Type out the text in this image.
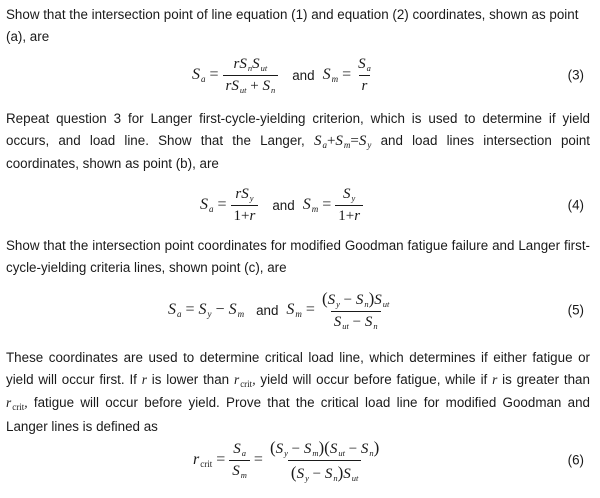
Show that the intersection point of line equation (1) and equation (2) coordinates, shown as point (a), are

$Sa = \frac{rS_nS_{ut}}{rS_{ut} + S_n}$ and $Sm = \frac{S_a}{r}$	(3)

Repeat question 3 for Langer first-cycle-yielding criterion, which is used to determine if yield occurs, and load line. Show that the Langer, $S_a+S_m=S_y$ and load lines intersection point coordinates, shown as point (b), are

$Sa = \frac{rS_y}{1+r}$ and $Sm = \frac{S_y}{1+r}$	(4)

Show that the intersection point coordinates for modified Goodman fatigue failure and Langer first-cycle-yielding criteria lines, shown point (c), are

Sa = Sy − Sm and $Sm = \frac{(S_y - S_n)S_{ut}}{S_{ut} - S_n}$	(5)

These coordinates are used to determine critical load line, which determines if either fatigue or yield will occur first. If r is lower than $r_{crit}$, yield will occur before fatigue, while if r is greater than $r_{crit}$, fatigue will occur before yield. Prove that the critical load line for modified Goodman and Langer lines is defined as

rcrit = $\frac{S_a}{S_m} = \frac{(S_y - S_m)(S_{ut} - S_n)}{(S_y - S_n)S_{ut}}$	(6)
